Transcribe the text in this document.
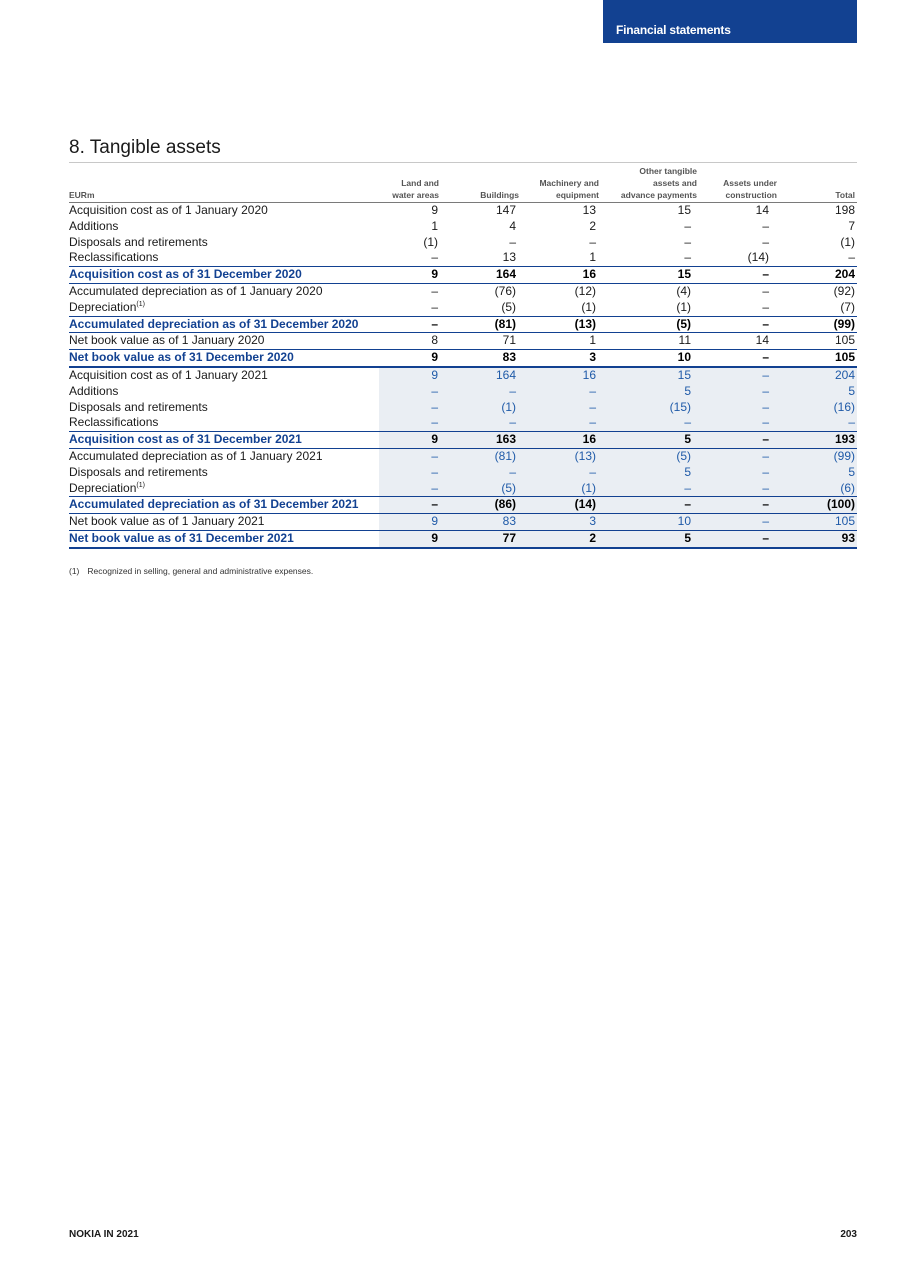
Financial statements
8. Tangible assets
EURm	Land and
water areas	Buildings	Machinery and
equipment	Other tangible
assets and
advance payments	Assets under
construction	Total
Acquisition cost as of 1 January 2020	9	147	13	15	14	198
Additions	1	4	2	–	–	7
Disposals and retirements	(1)	–	–	–	–	(1)
Reclassifications	–	13	1	–	(14)	–
Acquisition cost as of 31 December 2020	9	164	16	15	–	204
Accumulated depreciation as of 1 January 2020	–	(76)	(12)	(4)	–	(92)
Depreciation$^{(1)}$	–	(5)	(1)	(1)	–	(7)
Accumulated depreciation as of 31 December 2020	–	(81)	(13)	(5)	–	(99)
Net book value as of 1 January 2020	8	71	1	11	14	105
Net book value as of 31 December 2020	9	83	3	10	–	105
Acquisition cost as of 1 January 2021	9	164	16	15	–	204
Additions	–	–	–	5	–	5
Disposals and retirements	–	(1)	–	(15)	–	(16)
Reclassifications	–	–	–	–	–	–
Acquisition cost as of 31 December 2021	9	163	16	5	–	193
Accumulated depreciation as of 1 January 2021	–	(81)	(13)	(5)	–	(99)
Disposals and retirements	–	–	–	5	–	5
Depreciation$^{(1)}$	–	(5)	(1)	–	–	(6)
Accumulated depreciation as of 31 December 2021	–	(86)	(14)	–	–	(100)
Net book value as of 1 January 2021	9	83	3	10	–	105
Net book value as of 31 December 2021	9	77	2	5	–	93
(1) Recognized in selling, general and administrative expenses.
NOKIA IN 2021	203
